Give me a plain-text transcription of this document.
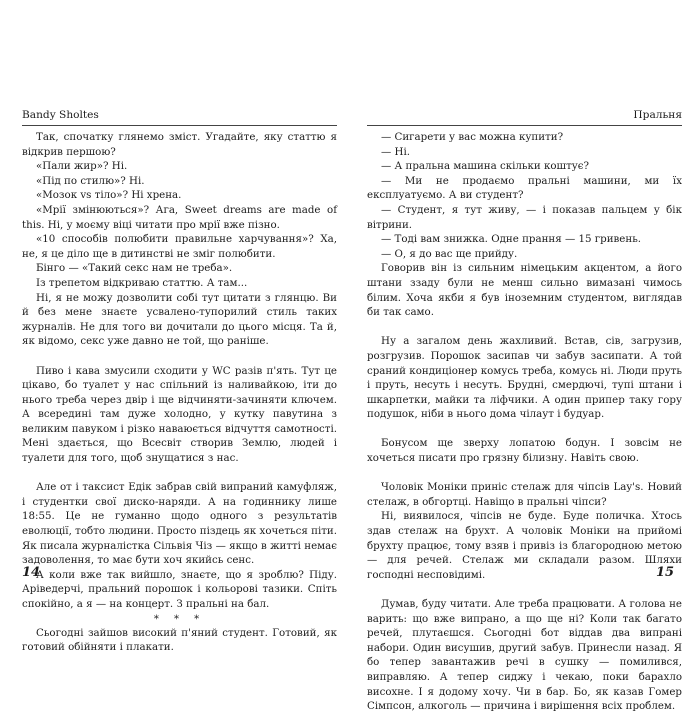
Bandy Sholtes

Так, спочатку глянемо зміст. Угадайте, яку статтю я відкрив першою?

«Пали жир»? Ні.

«Під по стилю»? Ні.

«Мозок vs тіло»? Ні хрена.

«Мрії змінюються»? Ага, Sweet dreams are made of this. Ні, у моєму віці читати про мрії вже пізно.

«10 способів полюбити правильне харчування»? Ха, не, я це діло ще в дитинстві не зміг полюбити.

Бінго — «Такий секс нам не треба».

Із трепетом відкриваю статтю. А там...

Ні, я не можу дозволити собі тут цитати з глянцю. Ви й без мене знаєте усвалено-тупорилий стиль таких журналів. Не для того ви дочитали до цього місця. Та й, як відомо, секс уже давно не той, що раніше.

Пиво і кава змусили сходити у WC разів п'ять. Тут це цікаво, бо туалет у нас спільний із наливайкою, іти до нього треба через двір і ще відчиняти-зачиняти ключем. А всередині там дуже холодно, у кутку павутина з великим павуком і різко наваюється відчуття самотності. Мені здається, що Всесвіт створив Землю, людей і туалети для того, щоб знущатися з нас.

Але от і таксист Едік забрав свій випраний камуфляж, і студентки свої диско-наряди. А на годиннику лише 18:55. Це не гуманно щодо одного з результатів еволюції, тобто людини. Просто піздець як хочеться піти. Як писала журналістка Сільвія Чіз — якщо в житті немає задоволення, то має бути хоч якийсь сенс.

А коли вже так вийшло, знаєте, що я зроблю? Піду. Аріведерчі, пральний порошок і кольорові тазики. Спіть спокійно, а я — на концерт. З пральні на бал.

* * *

Сьогодні зайшов високий п'яний студент. Готовий, як готовий обійняти і плакати.

Пральня

— Сигарети у вас можна купити?

— Ні.

— А пральна машина скільки коштує?

— Ми не продаємо пральні машини, ми їх експлуатуємо. А ви студент?

— Студент, я тут живу, — і показав пальцем у бік вітрини.

— Тоді вам знижка. Одне прання — 15 гривень.

— О, я до вас ще прийду.

Говорив він із сильним німецьким акцентом, а його штани ззаду були не менш сильно вимазані чимось білим. Хоча якби я був іноземним студентом, виглядав би так само.

Ну а загалом день жахливий. Встав, сів, загрузив, розгрузив. Порошок засипав чи забув засипати. А той сраний кондиціонер комусь треба, комусь ні. Люди пруть і пруть, несуть і несуть. Брудні, смердючі, тупі штани і шкарпетки, майки та ліфчики. А один припер таку гору подушок, ніби в нього дома чілаут і будуар.

Бонусом ще зверху лопатою бодун. І зовсім не хочеться писати про грязну білизну. Навіть свою.

Чоловік Моніки приніс стелаж для чіпсів Lay's. Новий стелаж, в обгортці. Навіщо в пральні чіпси?

Ні, виявилося, чіпсів не буде. Буде поличка. Хтось здав стелаж на брухт. А чоловік Моніки на прийомі брухту працює, тому взяв і привіз із благородною метою — для речей. Стелаж ми складали разом. Шляхи господні несповідимі.

Думав, буду читати. Але треба працювати. А голова не варить: що вже випрано, а що ще ні? Коли так багато речей, плутаєшся. Сьогодні бот віддав два випрані набори. Один висушив, другий забув. Принесли назад. Я бо тепер завантажив речі в сушку — помилився, виправляю. А тепер сиджу і чекаю, поки барахло висохне. І я додому хочу. Чи в бар. Бо, як казав Гомер Сімпсон, алкоголь — причина і вирішення всіх проблем.

14	15
